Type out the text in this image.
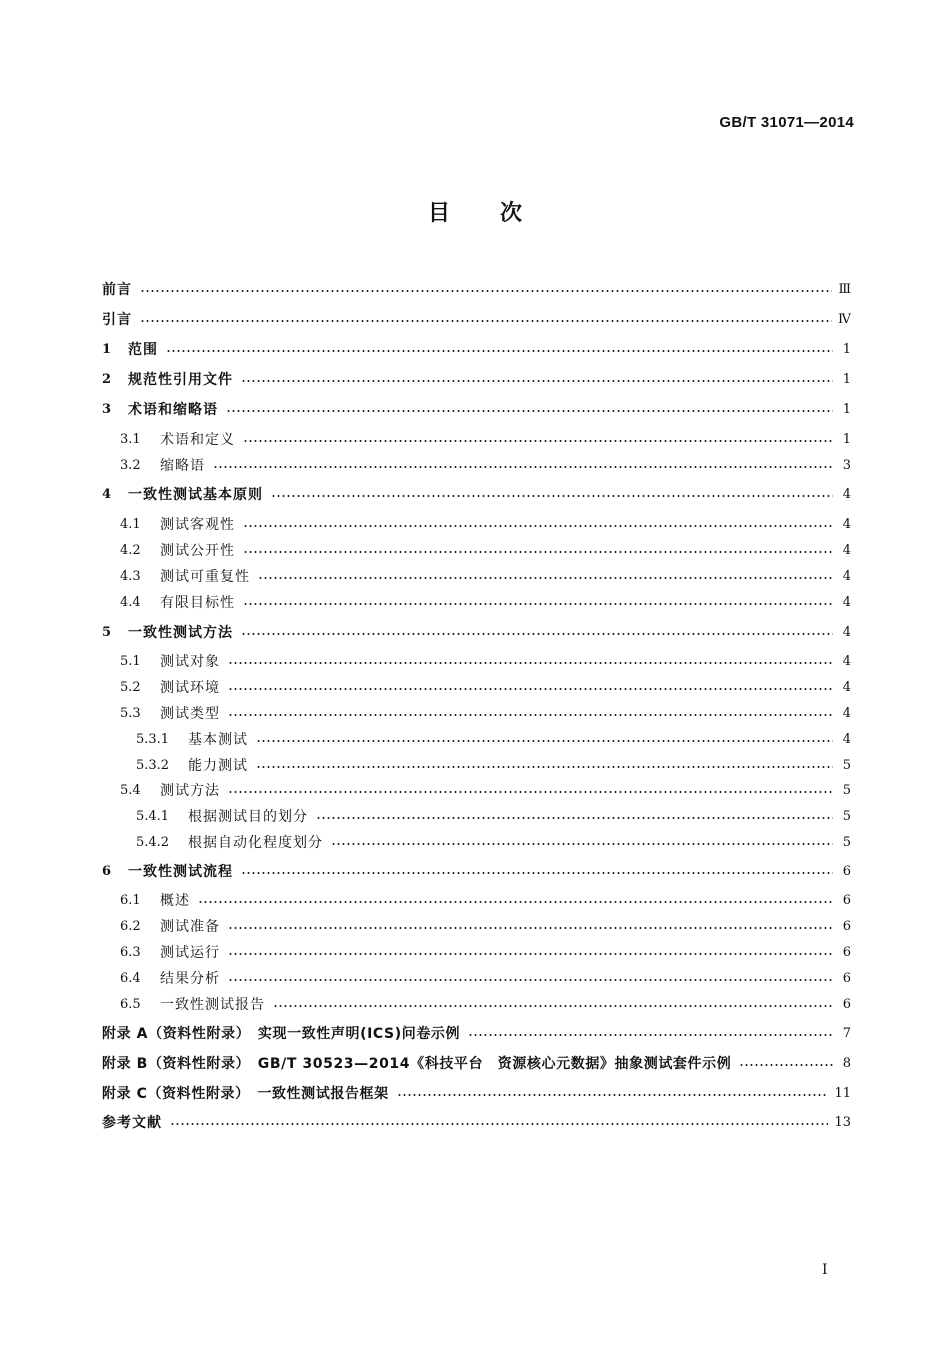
GB/T 31071—2014
目次
前言	Ⅲ
引言	Ⅳ
1	范围	1
2	规范性引用文件	1
3	术语和缩略语	1
3.1	术语和定义	1
3.2	缩略语	3
4	一致性测试基本原则	4
4.1	测试客观性	4
4.2	测试公开性	4
4.3	测试可重复性	4
4.4	有限目标性	4
5	一致性测试方法	4
5.1	测试对象	4
5.2	测试环境	4
5.3	测试类型	4
5.3.1	基本测试	4
5.3.2	能力测试	5
5.4	测试方法	5
5.4.1	根据测试目的划分	5
5.4.2	根据自动化程度划分	5
6	一致性测试流程	6
6.1	概述	6
6.2	测试准备	6
6.3	测试运行	6
6.4	结果分析	6
6.5	一致性测试报告	6
附录 A（资料性附录）　实现一致性声明(ICS)问卷示例	7
附录 B（资料性附录）　GB/T 30523—2014《科技平台　资源核心元数据》抽象测试套件示例	8
附录 C（资料性附录）　一致性测试报告框架	11
参考文献	13
I
